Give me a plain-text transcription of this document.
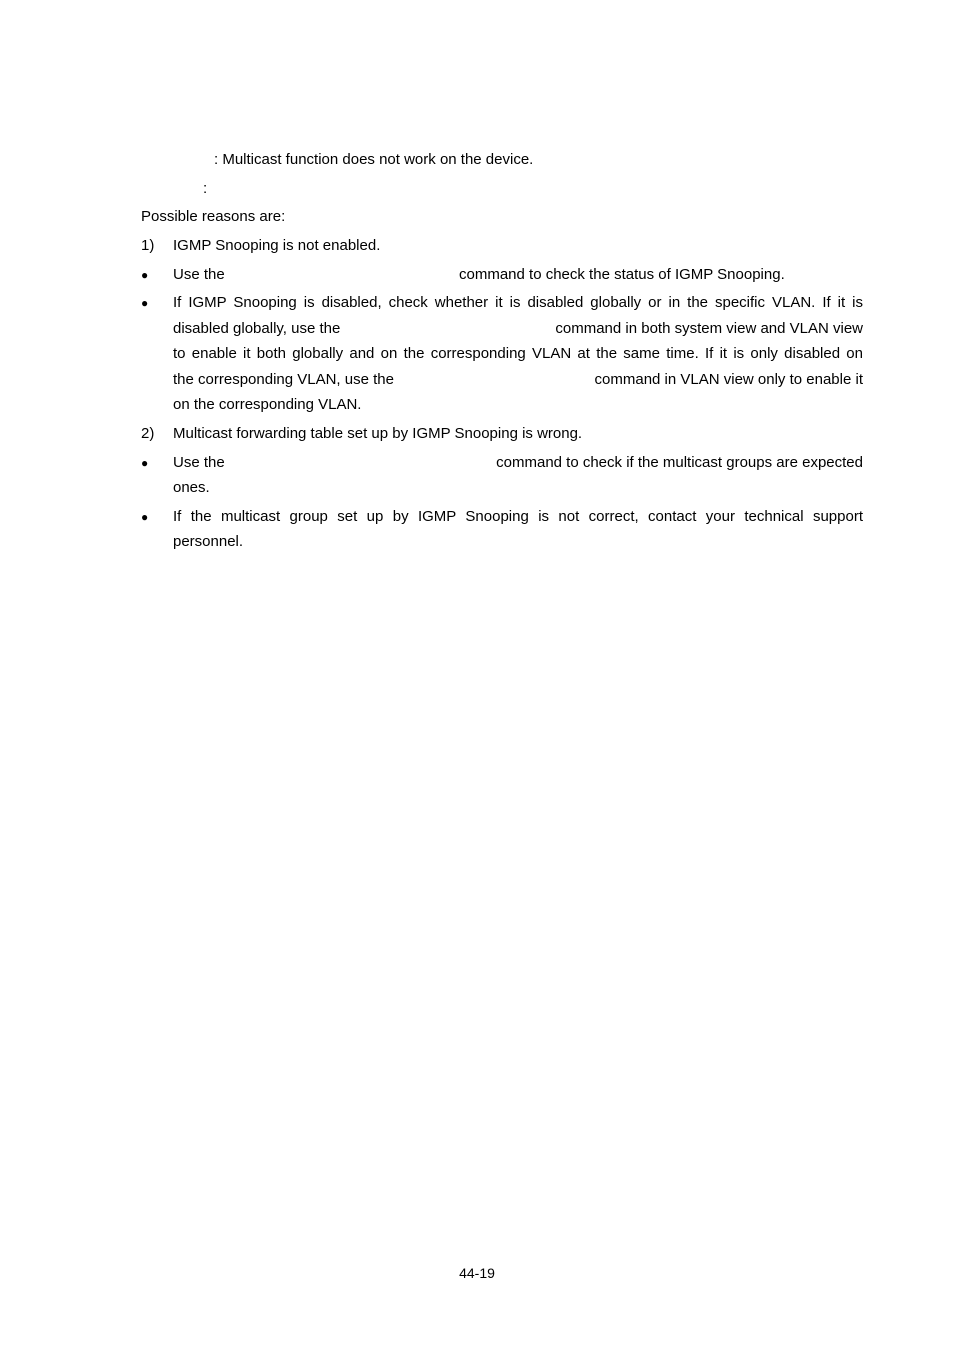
: Multicast function does not work on the device.
:
Possible reasons are:
1) IGMP Snooping is not enabled.
● Use the	command to check the status of IGMP Snooping.
● If IGMP Snooping is disabled, check whether it is disabled globally or in the specific VLAN. If it is
disabled globally, use the	command in both system view and VLAN view
to enable it both globally and on the corresponding VLAN at the same time. If it is only disabled on
the corresponding VLAN, use the	command in VLAN view only to enable it
on the corresponding VLAN.
2) Multicast forwarding table set up by IGMP Snooping is wrong.
● Use the	command to check if the multicast groups are expected
ones.
● If the multicast group set up by IGMP Snooping is not correct, contact your technical support
personnel.
44-19
